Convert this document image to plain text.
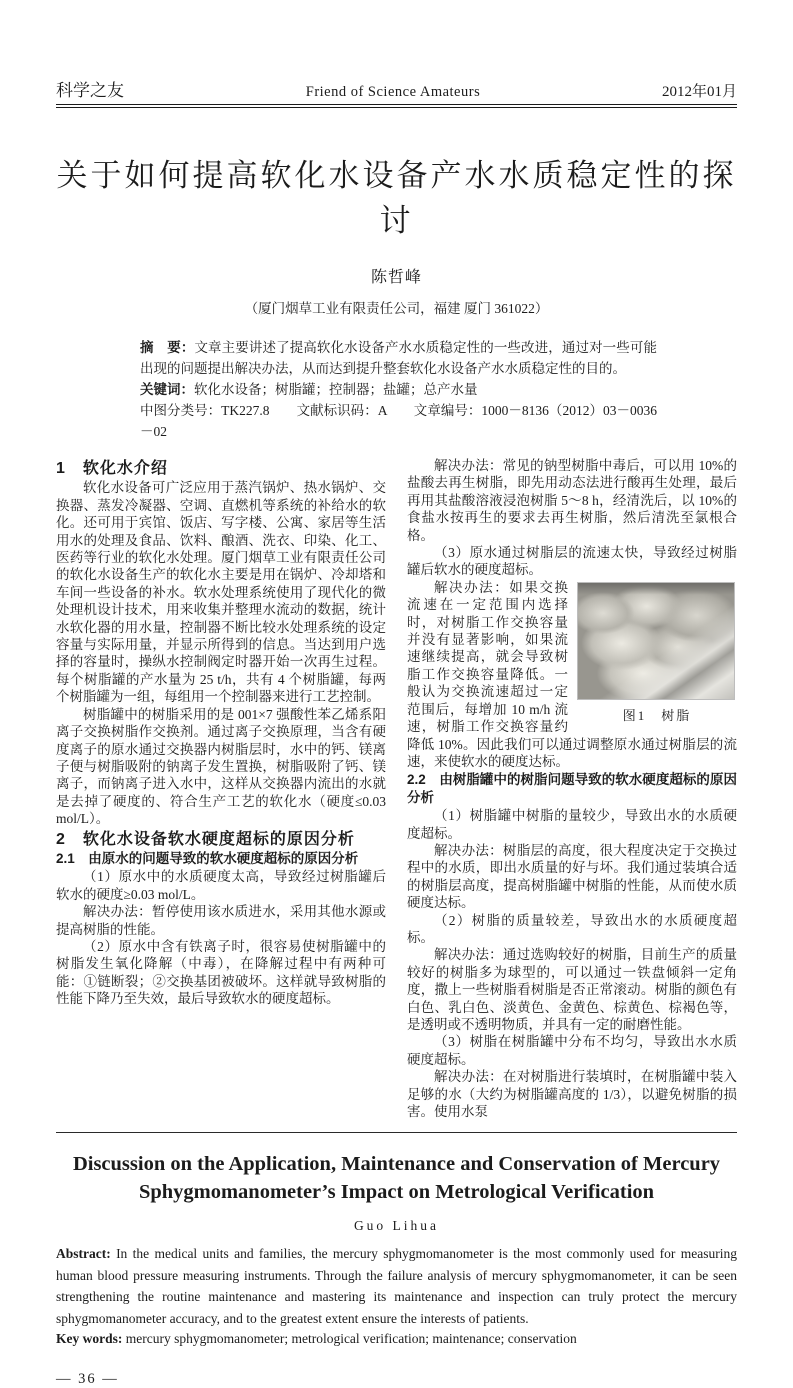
科学之友	Friend of Science Amateurs	2012年01月
关于如何提高软化水设备产水水质稳定性的探讨
陈哲峰
（厦门烟草工业有限责任公司，福建 厦门 361022）
摘　要：文章主要讲述了提高软化水设备产水水质稳定性的一些改进，通过对一些可能出现的问题提出解决办法，从而达到提升整套软化水设备产水水质稳定性的目的。
关键词：软化水设备；树脂罐；控制器；盐罐；总产水量
中图分类号：TK227.8　　文献标识码：A　　文章编号：1000－8136（2012）03－0036－02
1　软化水介绍

软化水设备可广泛应用于蒸汽锅炉、热水锅炉、交换器、蒸发冷凝器、空调、直燃机等系统的补给水的软化。还可用于宾馆、饭店、写字楼、公寓、家居等生活用水的处理及食品、饮料、酿酒、洗衣、印染、化工、医药等行业的软化水处理。厦门烟草工业有限责任公司的软化水设备生产的软化水主要是用在锅炉、冷却塔和车间一些设备的补水。软水处理系统使用了现代化的微处理机设计技术，用来收集并整理水流动的数据，统计水软化器的用水量，控制器不断比较水处理系统的设定容量与实际用量，并显示所得到的信息。当达到用户选择的容量时，操纵水控制阀定时器开始一次再生过程。每个树脂罐的产水量为 25 t/h，共有 4 个树脂罐，每两个树脂罐为一组，每组用一个控制器来进行工艺控制。

树脂罐中的树脂采用的是 001×7 强酸性苯乙烯系阳离子交换树脂作交换剂。通过离子交换原理，当含有硬度离子的原水通过交换器内树脂层时，水中的钙、镁离子便与树脂吸附的钠离子发生置换，树脂吸附了钙、镁离子，而钠离子进入水中，这样从交换器内流出的水就是去掉了硬度的、符合生产工艺的软化水（硬度≤0.03 mol/L）。

2　软化水设备软水硬度超标的原因分析
2.1　由原水的问题导致的软水硬度超标的原因分析

（1）原水中的水质硬度太高，导致经过树脂罐后软水的硬度≥0.03 mol/L。

解决办法：暂停使用该水质进水，采用其他水源或提高树脂的性能。

（2）原水中含有铁离子时，很容易使树脂罐中的树脂发生氧化降解（中毒），在降解过程中有两种可能：①链断裂；②交换基团被破坏。这样就导致树脂的性能下降乃至失效，最后导致软水的硬度超标。

解决办法：常见的钠型树脂中毒后，可以用 10%的盐酸去再生树脂，即先用动态法进行酸再生处理，最后再用其盐酸溶液浸泡树脂 5～8 h，经清洗后，以 10%的食盐水按再生的要求去再生树脂，然后清洗至氯根合格。

（3）原水通过树脂层的流速太快，导致经过树脂罐后软水的硬度超标。

图1　树脂

解决办法：如果交换流速在一定范围内选择时，对树脂工作交换容量并没有显著影响，如果流速继续提高，就会导致树脂工作交换容量降低。一般认为交换流速超过一定范围后，每增加 10 m/h 流速，树脂工作交换容量约降低 10%。因此我们可以通过调整原水通过树脂层的流速，来使软水的硬度达标。

2.2　由树脂罐中的树脂问题导致的软水硬度超标的原因分析

（1）树脂罐中树脂的量较少，导致出水的水质硬度超标。

解决办法：树脂层的高度，很大程度决定于交换过程中的水质，即出水质量的好与坏。我们通过装填合适的树脂层高度，提高树脂罐中树脂的性能，从而使水质硬度达标。

（2）树脂的质量较差，导致出水的水质硬度超标。

解决办法：通过选购较好的树脂，目前生产的质量较好的树脂多为球型的，可以通过一铁盘倾斜一定角度，撒上一些树脂看树脂是否正常滚动。树脂的颜色有白色、乳白色、淡黄色、金黄色、棕黄色、棕褐色等，是透明或不透明物质，并具有一定的耐磨性能。

（3）树脂在树脂罐中分布不均匀，导致出水水质硬度超标。

解决办法：在对树脂进行装填时，在树脂罐中装入足够的水（大约为树脂罐高度的 1/3），以避免树脂的损害。使用水泵

Discussion on the Application, Maintenance and Conservation of Mercury Sphygmomanometer’s Impact on Metrological Verification
Guo Lihua
Abstract: In the medical units and families, the mercury sphygmomanometer is the most commonly used for measuring human blood pressure measuring instruments. Through the failure analysis of mercury sphygmomanometer, it can be seen strengthening the routine maintenance and mastering its maintenance and inspection can truly protect the mercury sphygmomanometer accuracy, and to the greatest extent ensure the interests of patients.
Key words: mercury sphygmomanometer; metrological verification; maintenance; conservation
— 36 —
